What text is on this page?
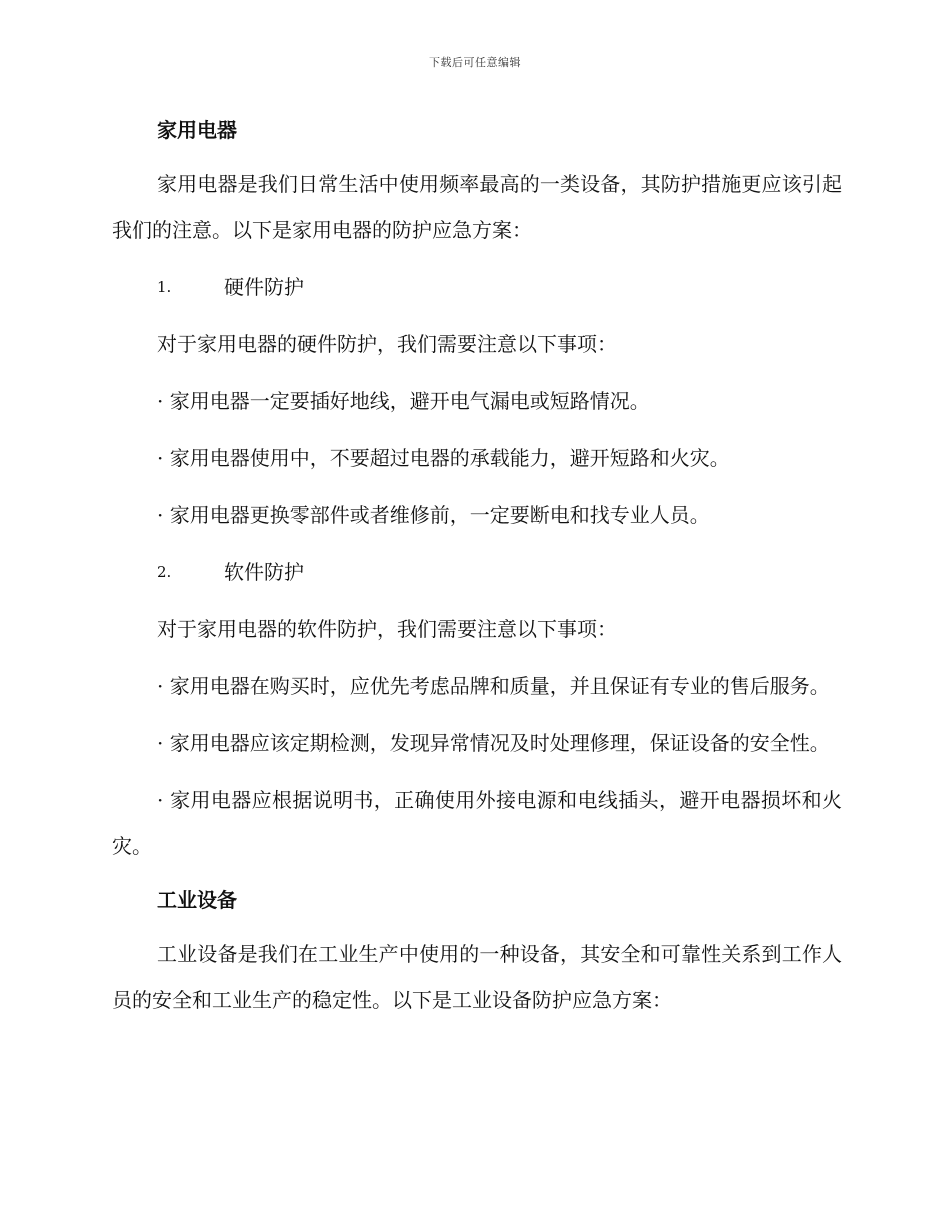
下载后可任意编辑
家用电器

家用电器是我们日常生活中使用频率最高的一类设备，其防护措施更应该引起我们的注意。以下是家用电器的防护应急方案：

1.	硬件防护

对于家用电器的硬件防护，我们需要注意以下事项：

· 家用电器一定要插好地线，避开电气漏电或短路情况。

· 家用电器使用中，不要超过电器的承载能力，避开短路和火灾。

· 家用电器更换零部件或者维修前，一定要断电和找专业人员。

2.	软件防护

对于家用电器的软件防护，我们需要注意以下事项：

· 家用电器在购买时，应优先考虑品牌和质量，并且保证有专业的售后服务。

· 家用电器应该定期检测，发现异常情况及时处理修理，保证设备的安全性。

· 家用电器应根据说明书，正确使用外接电源和电线插头，避开电器损坏和火灾。

工业设备

工业设备是我们在工业生产中使用的一种设备，其安全和可靠性关系到工作人员的安全和工业生产的稳定性。以下是工业设备防护应急方案：
